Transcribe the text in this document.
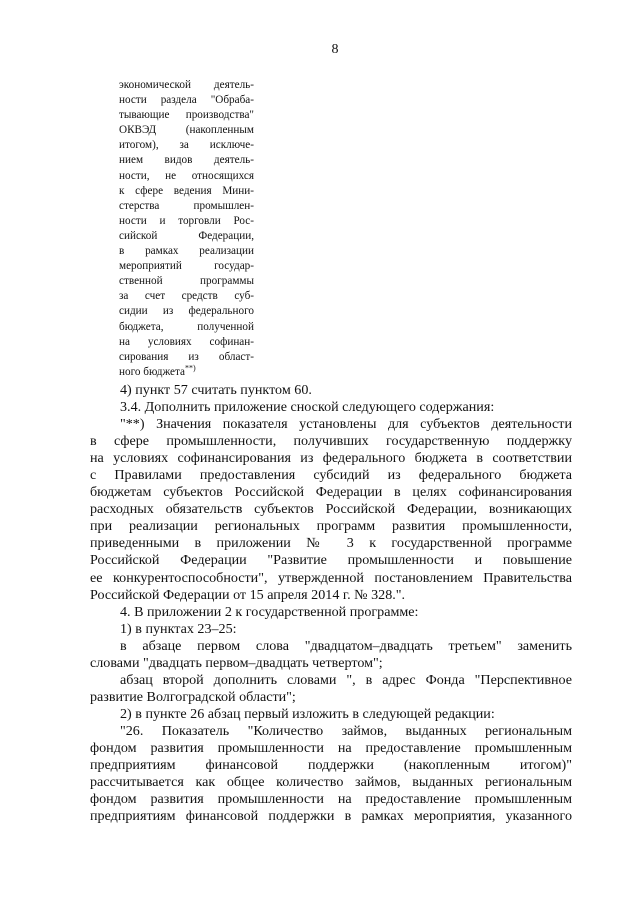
8
экономической деятель-
ности раздела "Обраба-
тывающие производства"
ОКВЭД (накопленным
итогом), за исключе-
нием видов деятель-
ности, не относящихся
к сфере ведения Мини-
стерства промышлен-
ности и торговли Рос-
сийской Федерации,
в рамках реализации
мероприятий государ-
ственной программы
за счет средств суб-
сидии из федерального
бюджета, полученной
на условиях софинан-
сирования из област-
ного бюджета**)
4) пункт 57 считать пунктом 60.
3.4. Дополнить приложение сноской следующего содержания:
"**) Значения показателя установлены для субъектов деятельности
в сфере промышленности, получивших государственную поддержку
на условиях софинансирования из федерального бюджета в соответствии
с Правилами предоставления субсидий из федерального бюджета
бюджетам субъектов Российской Федерации в целях софинансирования
расходных обязательств субъектов Российской Федерации, возникающих
при реализации региональных программ развития промышленности,
приведенными в приложении № 3 к государственной программе
Российской Федерации "Развитие промышленности и повышение
ее конкурентоспособности", утвержденной постановлением Правительства
Российской Федерации от 15 апреля 2014 г. № 328.".
4. В приложении 2 к государственной программе:
1) в пунктах 23–25:
в абзаце первом слова "двадцатом–двадцать третьем" заменить
словами "двадцать первом–двадцать четвертом";
абзац второй дополнить словами ", в адрес Фонда "Перспективное
развитие Волгоградской области";
2) в пункте 26 абзац первый изложить в следующей редакции:
"26. Показатель "Количество займов, выданных региональным
фондом развития промышленности на предоставление промышленным
предприятиям финансовой поддержки (накопленным итогом)"
рассчитывается как общее количество займов, выданных региональным
фондом развития промышленности на предоставление промышленным
предприятиям финансовой поддержки в рамках мероприятия, указанного
